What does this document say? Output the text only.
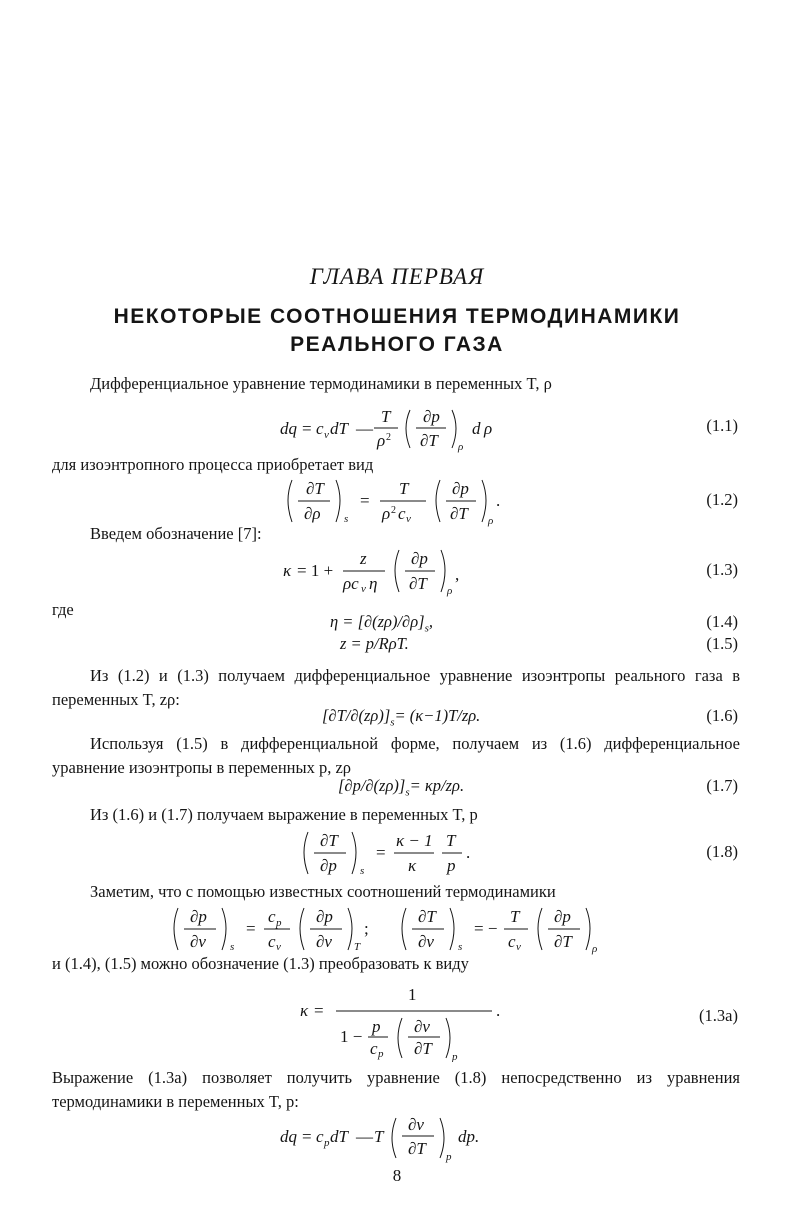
ГЛАВА ПЕРВАЯ
НЕКОТОРЫЕ СООТНОШЕНИЯ ТЕРМОДИНАМИКИ
РЕАЛЬНОГО ГАЗА
Дифференциальное уравнение термодинамики в переменных T, ρ
dq = c v dT —
T
ρ 2
∂p
∂T ρ
d ρ	(1.1)
для изоэнтропного процесса приобретает вид
∂T
∂ρ s
=
T
ρ 2 c v
∂p
∂T ρ
.	(1.2)
Введем обозначение [7]:
κ = 1 +
z
ρc v η
∂p
∂T ρ
,	(1.3)
где
$\eta = [\partial(z\rho)/\partial\rho]_s$,	(1.4)
z = p/RρT.	(1.5)
Из (1.2) и (1.3) получаем дифференциальное уравнение изоэнтропы реального газа в переменных T, zρ:
$[\partial T/\partial(z\rho)]_s= (\kappa-1)T/z\rho$.	(1.6)
Используя (1.5) в дифференциальной форме, получаем из (1.6) дифференциальное уравнение изоэнтропы в переменных p, zρ
$[\partial p/\partial(z\rho)]_s= \kappa p/z\rho$.	(1.7)
Из (1.6) и (1.7) получаем выражение в переменных T, p
∂T
∂p s
=
κ − 1
κ
T
p
.	(1.8)
Заметим, что с помощью известных соотношений термодинамики
∂p
∂v s
=
c p
c v
∂p
∂v T
;
∂T
∂v s
= −
T
c v
∂p
∂T ρ
и (1.4), (1.5) можно обозначение (1.3) преобразовать к виду
κ =
1
1 −
p
c p
∂v
∂T p
.	(1.3а)
Выражение (1.3а) позволяет получить уравнение (1.8) непосредственно из уравнения термодинамики в переменных T, p:
dq = c p dT — T
∂v
∂T p
dp.
8
